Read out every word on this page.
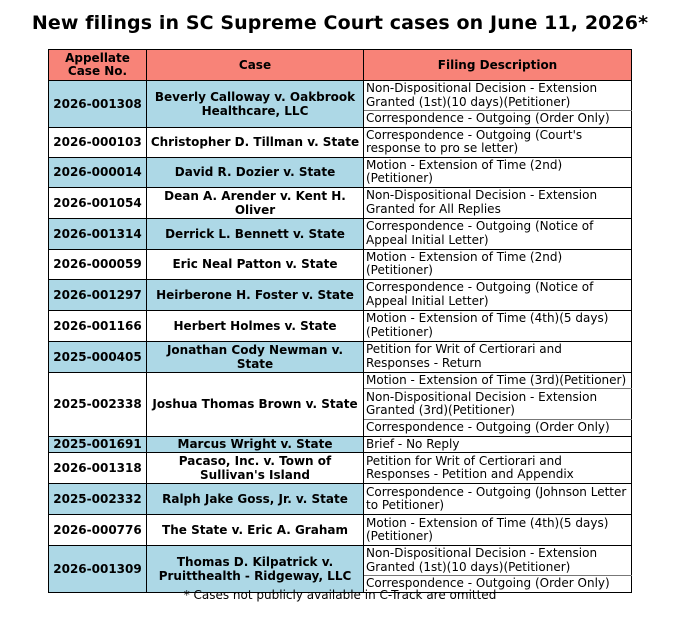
New filings in SC Supreme Court cases on June 11, 2026*
Appellate Case No.	Case	Filing Description
2026-001308	Beverly Calloway v. Oakbrook Healthcare, LLC	Non-Dispositional Decision - Extension Granted (1st)(10 days)(Petitioner)
		Correspondence - Outgoing (Order Only)
2026-000103	Christopher D. Tillman v. State	Correspondence - Outgoing (Court's response to pro se letter)
2026-000014	David R. Dozier v. State	Motion - Extension of Time (2nd)(Petitioner)
2026-001054	Dean A. Arender v. Kent H. Oliver	Non-Dispositional Decision - Extension Granted for All Replies
2026-001314	Derrick L. Bennett v. State	Correspondence - Outgoing (Notice of Appeal Initial Letter)
2026-000059	Eric Neal Patton v. State	Motion - Extension of Time (2nd)(Petitioner)
2026-001297	Heirberone H. Foster v. State	Correspondence - Outgoing (Notice of Appeal Initial Letter)
2026-001166	Herbert Holmes v. State	Motion - Extension of Time (4th)(5 days)(Petitioner)
2025-000405	Jonathan Cody Newman v. State	Petition for Writ of Certiorari and Responses - Return
2025-002338	Joshua Thomas Brown v. State	Motion - Extension of Time (3rd)(Petitioner)
		Non-Dispositional Decision - Extension Granted (3rd)(Petitioner)
		Correspondence - Outgoing (Order Only)
2025-001691	Marcus Wright v. State	Brief - No Reply
2026-001318	Pacaso, Inc. v. Town of Sullivan's Island	Petition for Writ of Certiorari and Responses - Petition and Appendix
2025-002332	Ralph Jake Goss, Jr. v. State	Correspondence - Outgoing (Johnson Letter to Petitioner)
2026-000776	The State v. Eric A. Graham	Motion - Extension of Time (4th)(5 days)(Petitioner)
2026-001309	Thomas D. Kilpatrick v. Pruitthealth - Ridgeway, LLC	Non-Dispositional Decision - Extension Granted (1st)(10 days)(Petitioner)
		Correspondence - Outgoing (Order Only)
* Cases not publicly available in C-Track are omitted
